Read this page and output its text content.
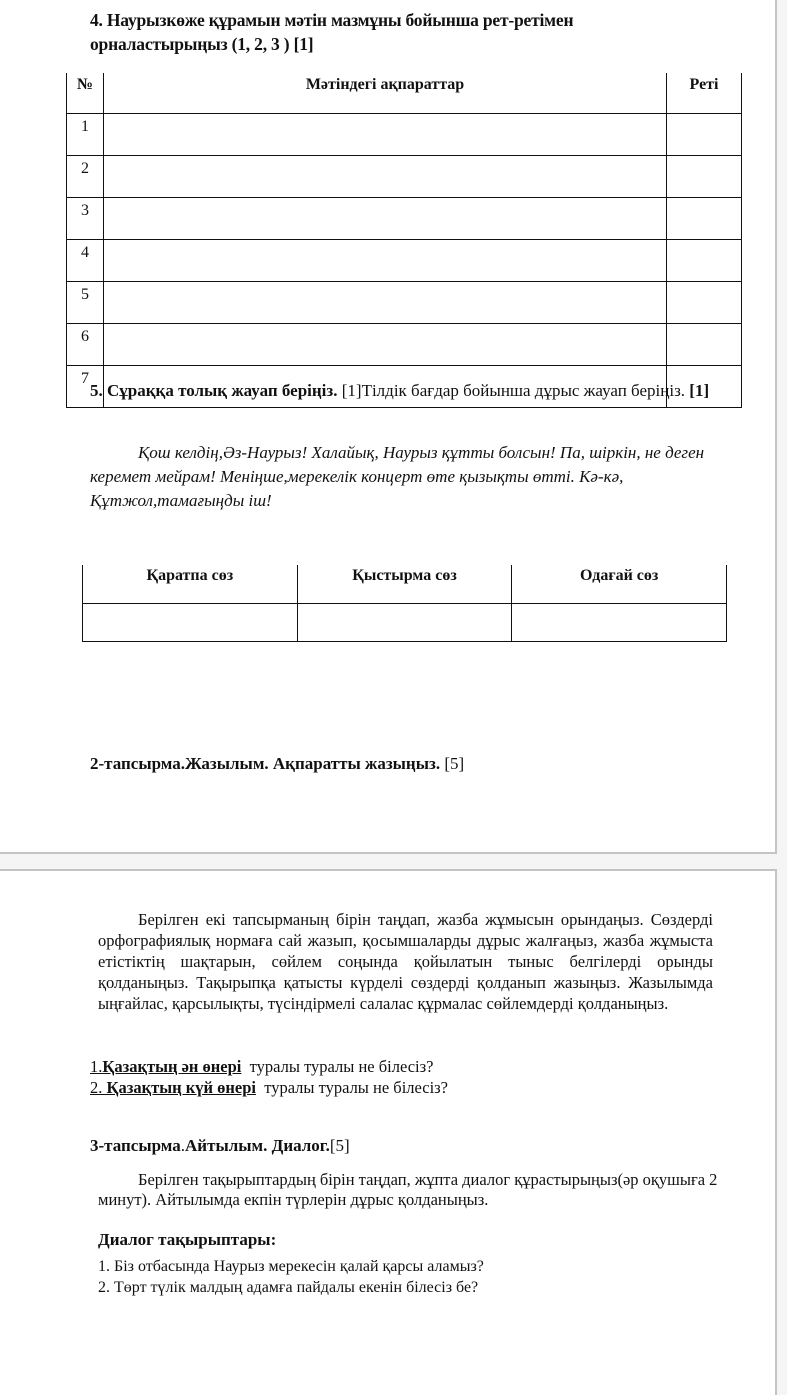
4. Наурызкөже құрамын мәтін мазмұны бойынша рет-ретімен орналастырыңыз (1, 2, 3 ) [1]
№	Мәтіндегі ақпараттар	Реті
1		
2		
3		
4		
5		
6		
7		
5. Сұраққа толық жауап беріңіз. [1]Тілдік бағдар бойынша дұрыс жауап беріңіз. [1]
Қош келдің,Әз-Наурыз! Халайық, Наурыз құтты болсын! Па, шіркін, не деген керемет мейрам! Меніңше,мерекелік концерт өте қызықты өтті. Кә-кә, Құтжол,тамағыңды іш!
Қаратпа сөз	Қыстырма сөз	Одағай сөз

2-тапсырма.Жазылым. Ақпаратты жазыңыз. [5]
Берілген екі тапсырманың бірін таңдап, жазба жұмысын орындаңыз. Сөздерді орфографиялық нормаға сай жазып, қосымшаларды дұрыс жалғаңыз, жазба жұмыста етістіктің шақтарын, сөйлем соңында қойылатын тыныс белгілерді орынды қолданыңыз. Тақырыпқа қатысты күрделі сөздерді қолданып жазыңыз. Жазылымда ыңғайлас, қарсылықты, түсіндірмелі салалас құрмалас сөйлемдерді қолданыңыз.
1.Қазақтың ән өнері  туралы туралы не білесіз?
2. Қазақтың күй өнері  туралы туралы не білесіз?
3-тапсырма.Айтылым. Диалог.[5]
Берілген тақырыптардың бірін таңдап, жұпта диалог құрастырыңыз(әр оқушыға 2 минут). Айтылымда екпін түрлерін дұрыс қолданыңыз.
Диалог тақырыптары:
1. Біз отбасында Наурыз мерекесін қалай қарсы аламыз?
2. Төрт түлік малдың адамға пайдалы екенін білесіз бе?
